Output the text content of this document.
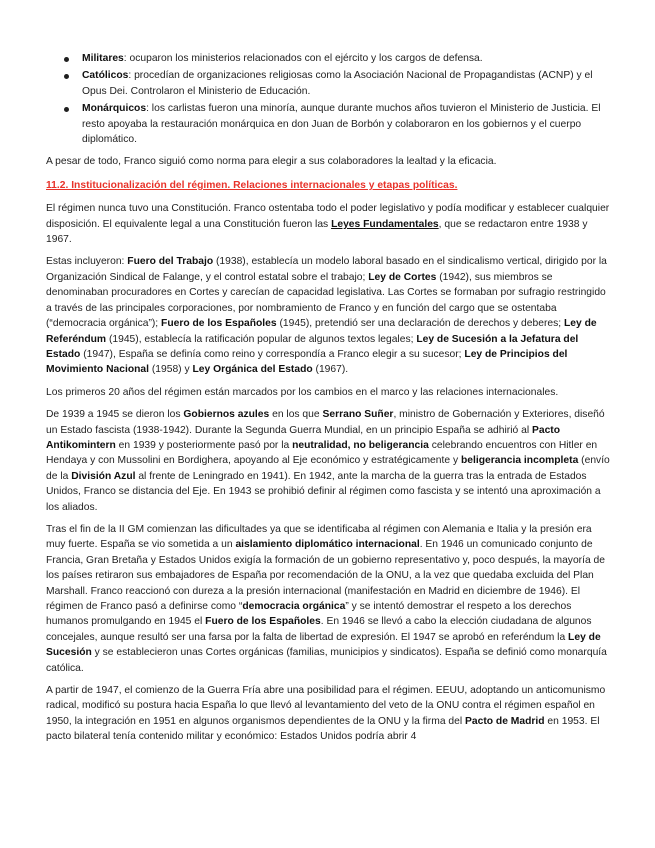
Militares: ocuparon los ministerios relacionados con el ejército y los cargos de defensa.
Católicos: procedían de organizaciones religiosas como la Asociación Nacional de Propagandistas (ACNP) y el Opus Dei. Controlaron el Ministerio de Educación.
Monárquicos: los carlistas fueron una minoría, aunque durante muchos años tuvieron el Ministerio de Justicia. El resto apoyaba la restauración monárquica en don Juan de Borbón y colaboraron en los gobiernos y el cuerpo diplomático.

A pesar de todo, Franco siguió como norma para elegir a sus colaboradores la lealtad y la eficacia.

11.2. Institucionalización del régimen. Relaciones internacionales y etapas políticas.

El régimen nunca tuvo una Constitución. Franco ostentaba todo el poder legislativo y podía modificar y establecer cualquier disposición. El equivalente legal a una Constitución fueron las Leyes Fundamentales, que se redactaron entre 1938 y 1967.

Estas incluyeron: Fuero del Trabajo (1938), establecía un modelo laboral basado en el sindicalismo vertical, dirigido por la Organización Sindical de Falange, y el control estatal sobre el trabajo; Ley de Cortes (1942), sus miembros se denominaban procuradores en Cortes y carecían de capacidad legislativa. Las Cortes se formaban por sufragio restringido a través de las principales corporaciones, por nombramiento de Franco y en función del cargo que se ostentaba (“democracia orgánica”); Fuero de los Españoles (1945), pretendió ser una declaración de derechos y deberes; Ley de Referéndum (1945), establecía la ratificación popular de algunos textos legales; Ley de Sucesión a la Jefatura del Estado (1947), España se definía como reino y correspondía a Franco elegir a su sucesor; Ley de Principios del Movimiento Nacional (1958) y Ley Orgánica del Estado (1967).

Los primeros 20 años del régimen están marcados por los cambios en el marco y las relaciones internacionales.

De 1939 a 1945 se dieron los Gobiernos azules en los que Serrano Suñer, ministro de Gobernación y Exteriores, diseñó un Estado fascista (1938-1942). Durante la Segunda Guerra Mundial, en un principio España se adhirió al Pacto Antikomintern en 1939 y posteriormente pasó por la neutralidad, no beligerancia celebrando encuentros con Hitler en Hendaya y con Mussolini en Bordighera, apoyando al Eje económico y estratégicamente y beligerancia incompleta (envío de la División Azul al frente de Leningrado en 1941). En 1942, ante la marcha de la guerra tras la entrada de Estados Unidos, Franco se distancia del Eje. En 1943 se prohibió definir al régimen como fascista y se intentó una aproximación a los aliados.

Tras el fin de la II GM comienzan las dificultades ya que se identificaba al régimen con Alemania e Italia y la presión era muy fuerte. España se vio sometida a un aislamiento diplomático internacional. En 1946 un comunicado conjunto de Francia, Gran Bretaña y Estados Unidos exigía la formación de un gobierno representativo y, poco después, la mayoría de los países retiraron sus embajadores de España por recomendación de la ONU, a la vez que quedaba excluida del Plan Marshall. Franco reaccionó con dureza a la presión internacional (manifestación en Madrid en diciembre de 1946). El régimen de Franco pasó a definirse como “democracia orgánica” y se intentó demostrar el respeto a los derechos humanos promulgando en 1945 el Fuero de los Españoles. En 1946 se llevó a cabo la elección ciudadana de algunos concejales, aunque resultó ser una farsa por la falta de libertad de expresión. El 1947 se aprobó en referéndum la Ley de Sucesión y se establecieron unas Cortes orgánicas (familias, municipios y sindicatos). España se definió como monarquía católica.

A partir de 1947, el comienzo de la Guerra Fría abre una posibilidad para el régimen. EEUU, adoptando un anticomunismo radical, modificó su postura hacia España lo que llevó al levantamiento del veto de la ONU contra el régimen español en 1950, la integración en 1951 en algunos organismos dependientes de la ONU y la firma del Pacto de Madrid en 1953. El pacto bilateral tenía contenido militar y económico: Estados Unidos podría abrir 4
